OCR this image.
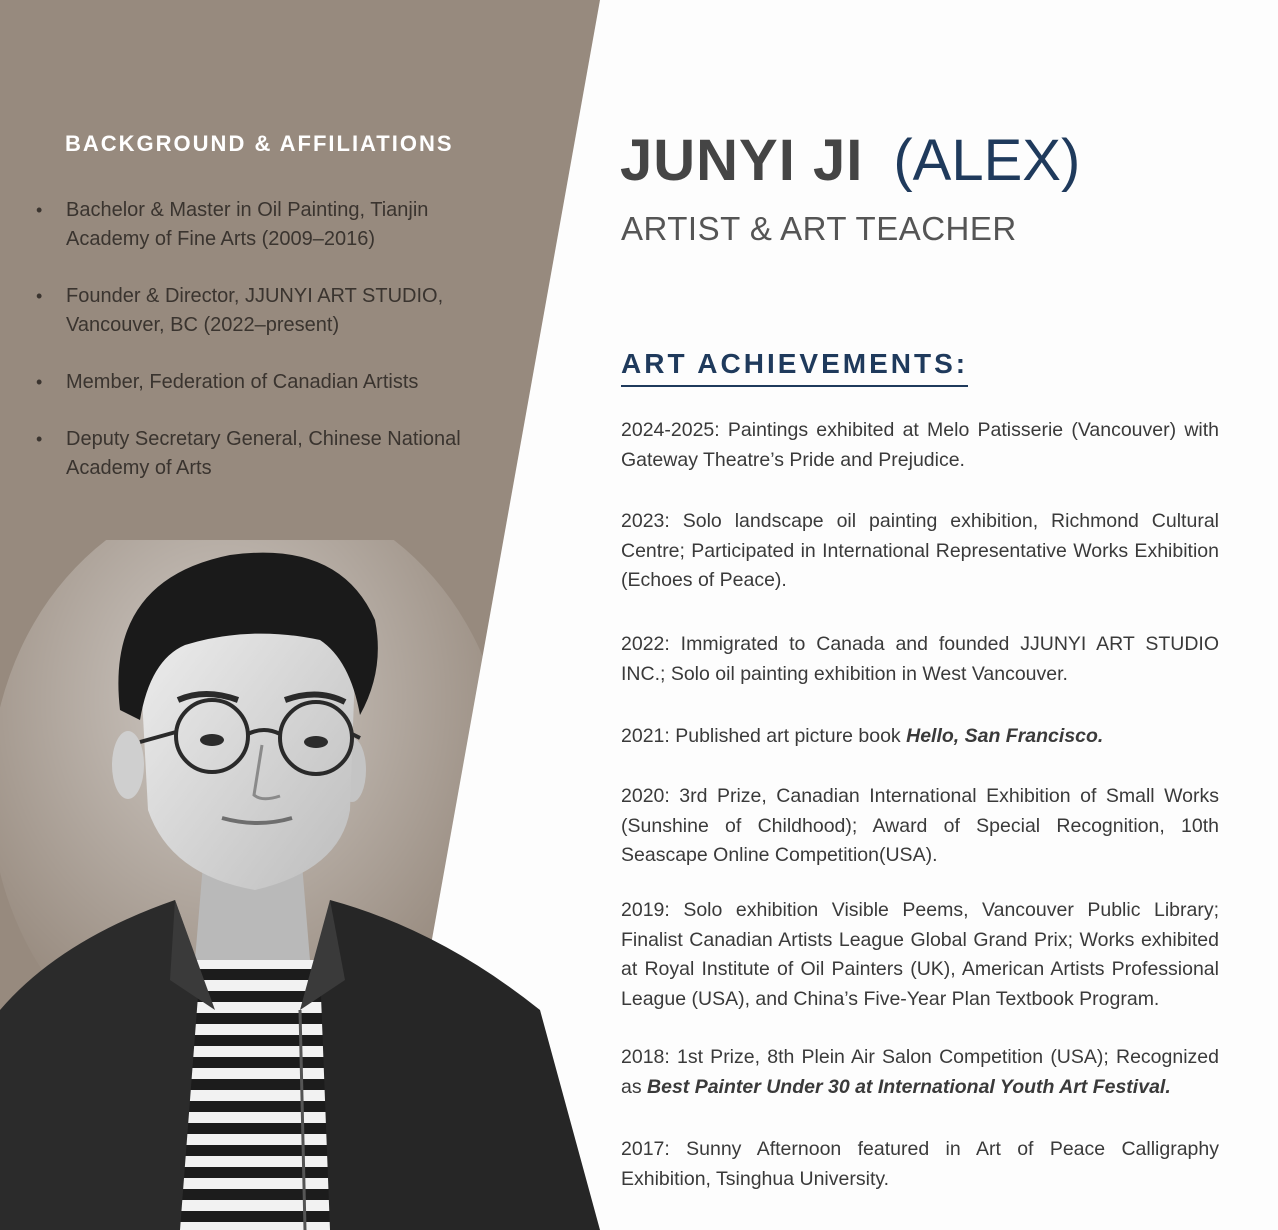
BACKGROUND & AFFILIATIONS
• Bachelor & Master in Oil Painting, Tianjin Academy of Fine Arts (2009–2016)
• Founder & Director, JJUNYI ART STUDIO, Vancouver, BC (2022–present)
• Member, Federation of Canadian Artists
• Deputy Secretary General, Chinese National Academy of Arts
JUNYI JI (ALEX)

ARTIST & ART TEACHER

ART ACHIEVEMENTS:

2024-2025: Paintings exhibited at Melo Patisserie (Vancouver) with Gateway Theatre’s Pride and Prejudice.

2023: Solo landscape oil painting exhibition, Richmond Cultural Centre; Participated in International Representative Works Exhibition (Echoes of Peace).

2022: Immigrated to Canada and founded JJUNYI ART STUDIO INC.; Solo oil painting exhibition in West Vancouver.

2021: Published art picture book Hello, San Francisco.

2020: 3rd Prize, Canadian International Exhibition of Small Works (Sunshine of Childhood); Award of Special Recognition, 10th Seascape Online Competition(USA).

2019: Solo exhibition Visible Peems, Vancouver Public Library; Finalist Canadian Artists League Global Grand Prix; Works exhibited at Royal Institute of Oil Painters (UK), American Artists Professional League (USA), and China’s Five-Year Plan Textbook Program.

2018: 1st Prize, 8th Plein Air Salon Competition (USA); Recognized as Best Painter Under 30 at International Youth Art Festival.

2017: Sunny Afternoon featured in Art of Peace Calligraphy Exhibition, Tsinghua University.
